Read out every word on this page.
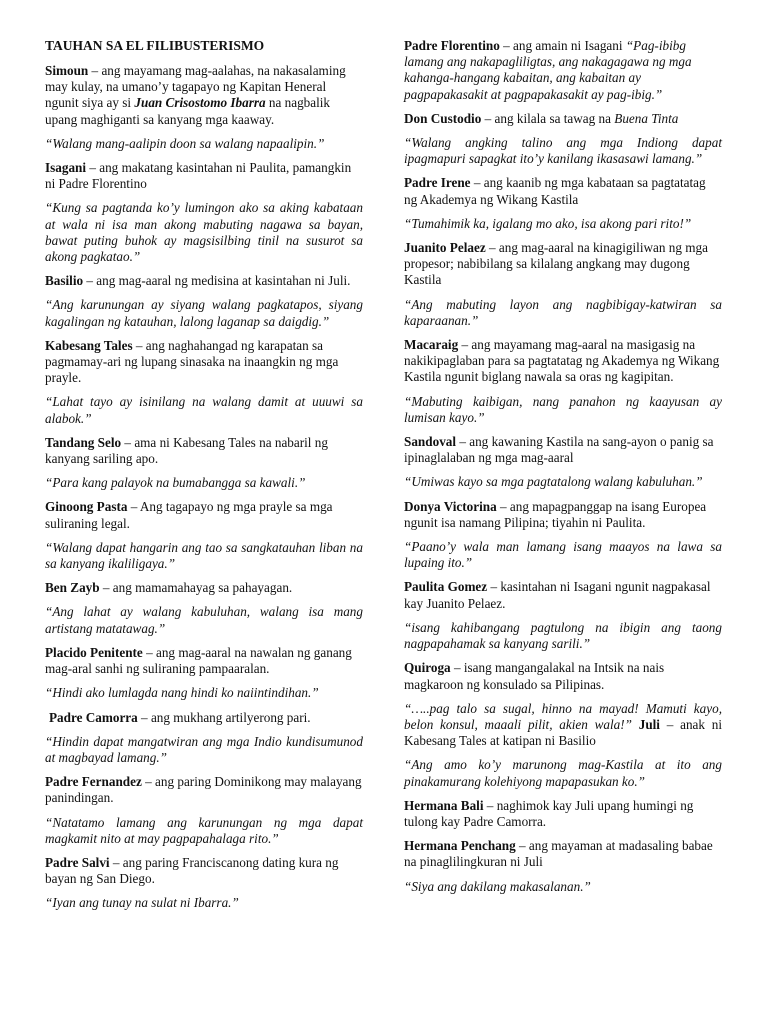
TAUHAN SA EL FILIBUSTERISMO

Simoun – ang mayamang mag-aalahas, na nakasalaming may kulay, na umano’y tagapayo ng Kapitan Heneral ngunit siya ay si Juan Crisostomo Ibarra na nagbalik upang maghiganti sa kanyang mga kaaway.

“Walang mang-aalipin doon sa walang napaalipin.”

Isagani – ang makatang kasintahan ni Paulita, pamangkin ni Padre Florentino

“Kung sa pagtanda ko’y lumingon ako sa aking kabataan at wala ni isa man akong mabuting nagawa sa bayan, bawat puting buhok ay magsisilbing tinil na susurot sa akong pagkatao.”

Basilio – ang mag-aaral ng medisina at kasintahan ni Juli.

“Ang karunungan ay siyang walang pagkatapos, siyang kagalingan ng katauhan, lalong laganap sa daigdig.”

Kabesang Tales – ang naghahangad ng karapatan sa pagmamay-ari ng lupang sinasaka na inaangkin ng mga prayle.

“Lahat tayo ay isinilang na walang damit at uuuwi sa alabok.”

Tandang Selo – ama ni Kabesang Tales na nabaril ng kanyang sariling apo.

“Para kang palayok na bumabangga sa kawali.”

Ginoong Pasta – Ang tagapayo ng mga prayle sa mga suliraning legal.

“Walang dapat hangarin ang tao sa sangkatauhan liban na sa kanyang ikaliligaya.”

Ben Zayb – ang mamamahayag sa pahayagan.

“Ang lahat ay walang kabuluhan, walang isa mang artistang matatawag.”

Placido Penitente – ang mag-aaral na nawalan ng ganang mag-aral sanhi ng suliraning pampaaralan.

“Hindi ako lumlagda nang hindi ko naiintindihan.”

Padre Camorra – ang mukhang artilyerong pari.

“Hindin dapat mangatwiran ang mga Indio kundisumunod at magbayad lamang.”

Padre Fernandez – ang paring Dominikong may malayang panindingan.

“Natatamo lamang ang karunungan ng mga dapat magkamit nito at may pagpapahalaga rito.”

Padre Salvi – ang paring Franciscanong dating kura ng bayan ng San Diego.

“Iyan ang tunay na sulat ni Ibarra.”

Padre Florentino – ang amain ni Isagani “Pag-ibibg lamang ang nakapagliligtas, ang nakagagawa ng mga kahanga-hangang kabaitan, ang kabaitan ay pagpapakasakit at pagpapakasakit ay pag-ibig.”

Don Custodio – ang kilala sa tawag na Buena Tinta

“Walang angking talino ang mga Indiong dapat ipagmapuri sapagkat ito’y kanilang ikasasawi lamang.”

Padre Irene – ang kaanib ng mga kabataan sa pagtatatag ng Akademya ng Wikang Kastila

“Tumahimik ka, igalang mo ako, isa akong pari rito!”

Juanito Pelaez – ang mag-aaral na kinagigiliwan ng mga propesor; nabibilang sa kilalang angkang may dugong Kastila

“Ang mabuting layon ang nagbibigay-katwiran sa kaparaanan.”

Macaraig – ang mayamang mag-aaral na masigasig na nakikipaglaban para sa pagtatatag ng Akademya ng Wikang Kastila ngunit biglang nawala sa oras ng kagipitan.

“Mabuting kaibigan, nang panahon ng kaayusan ay lumisan kayo.”

Sandoval – ang kawaning Kastila na sang-ayon o panig sa ipinaglalaban ng mga mag-aaral

“Umiwas kayo sa mga pagtatalong walang kabuluhan.”

Donya Victorina – ang mapagpanggap na isang Europea ngunit isa namang Pilipina; tiyahin ni Paulita.

“Paano’y wala man lamang isang maayos na lawa sa lupaing ito.”

Paulita Gomez – kasintahan ni Isagani ngunit nagpakasal kay Juanito Pelaez.

“isang kahibangang pagtulong na ibigin ang taong nagpapahamak sa kanyang sarili.”

Quiroga – isang mangangalakal na Intsik na nais magkaroon ng konsulado sa Pilipinas.

“…..pag talo sa sugal, hinno na mayad! Mamuti kayo, belon konsul, maaali pilit, akien wala!” Juli – anak ni Kabesang Tales at katipan ni Basilio

“Ang amo ko’y marunong mag-Kastila at ito ang pinakamurang kolehiyong mapapasukan ko.”

Hermana Bali – naghimok kay Juli upang humingi ng tulong kay Padre Camorra.

Hermana Penchang – ang mayaman at madasaling babae na pinaglilingkuran ni Juli

“Siya ang dakilang makasalanan.”
